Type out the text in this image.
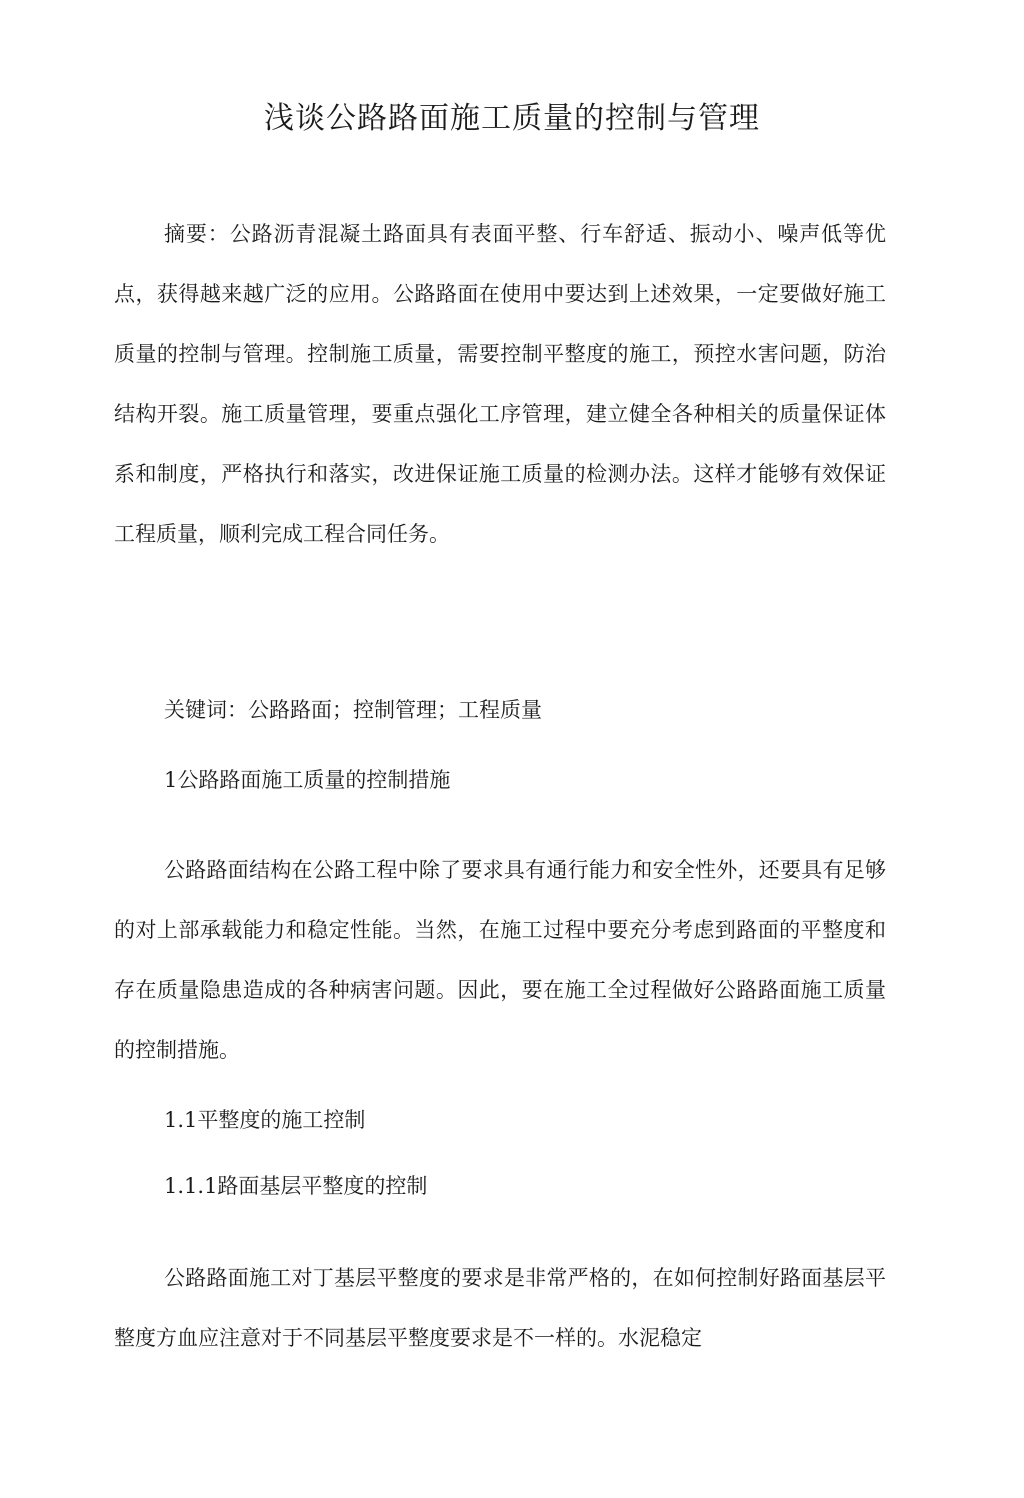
浅谈公路路面施工质量的控制与管理

摘要：公路沥青混凝土路面具有表面平整、行车舒适、振动小、噪声低等优点，获得越来越广泛的应用。公路路面在使用中要达到上述效果，一定要做好施工质量的控制与管理。控制施工质量，需要控制平整度的施工，预控水害问题，防治结构开裂。施工质量管理，要重点强化工序管理，建立健全各种相关的质量保证体系和制度，严格执行和落实，改进保证施工质量的检测办法。这样才能够有效保证工程质量，顺利完成工程合同任务。

关键词：公路路面；控制管理；工程质量

1公路路面施工质量的控制措施

公路路面结构在公路工程中除了要求具有通行能力和安全性外，还要具有足够的对上部承载能力和稳定性能。当然，在施工过程中要充分考虑到路面的平整度和存在质量隐患造成的各种病害问题。因此，要在施工全过程做好公路路面施工质量的控制措施。

1.1平整度的施工控制

1.1.1路面基层平整度的控制

公路路面施工对丁基层平整度的要求是非常严格的，在如何控制好路面基层平整度方血应注意对于不同基层平整度要求是不一样的。水泥稳定
